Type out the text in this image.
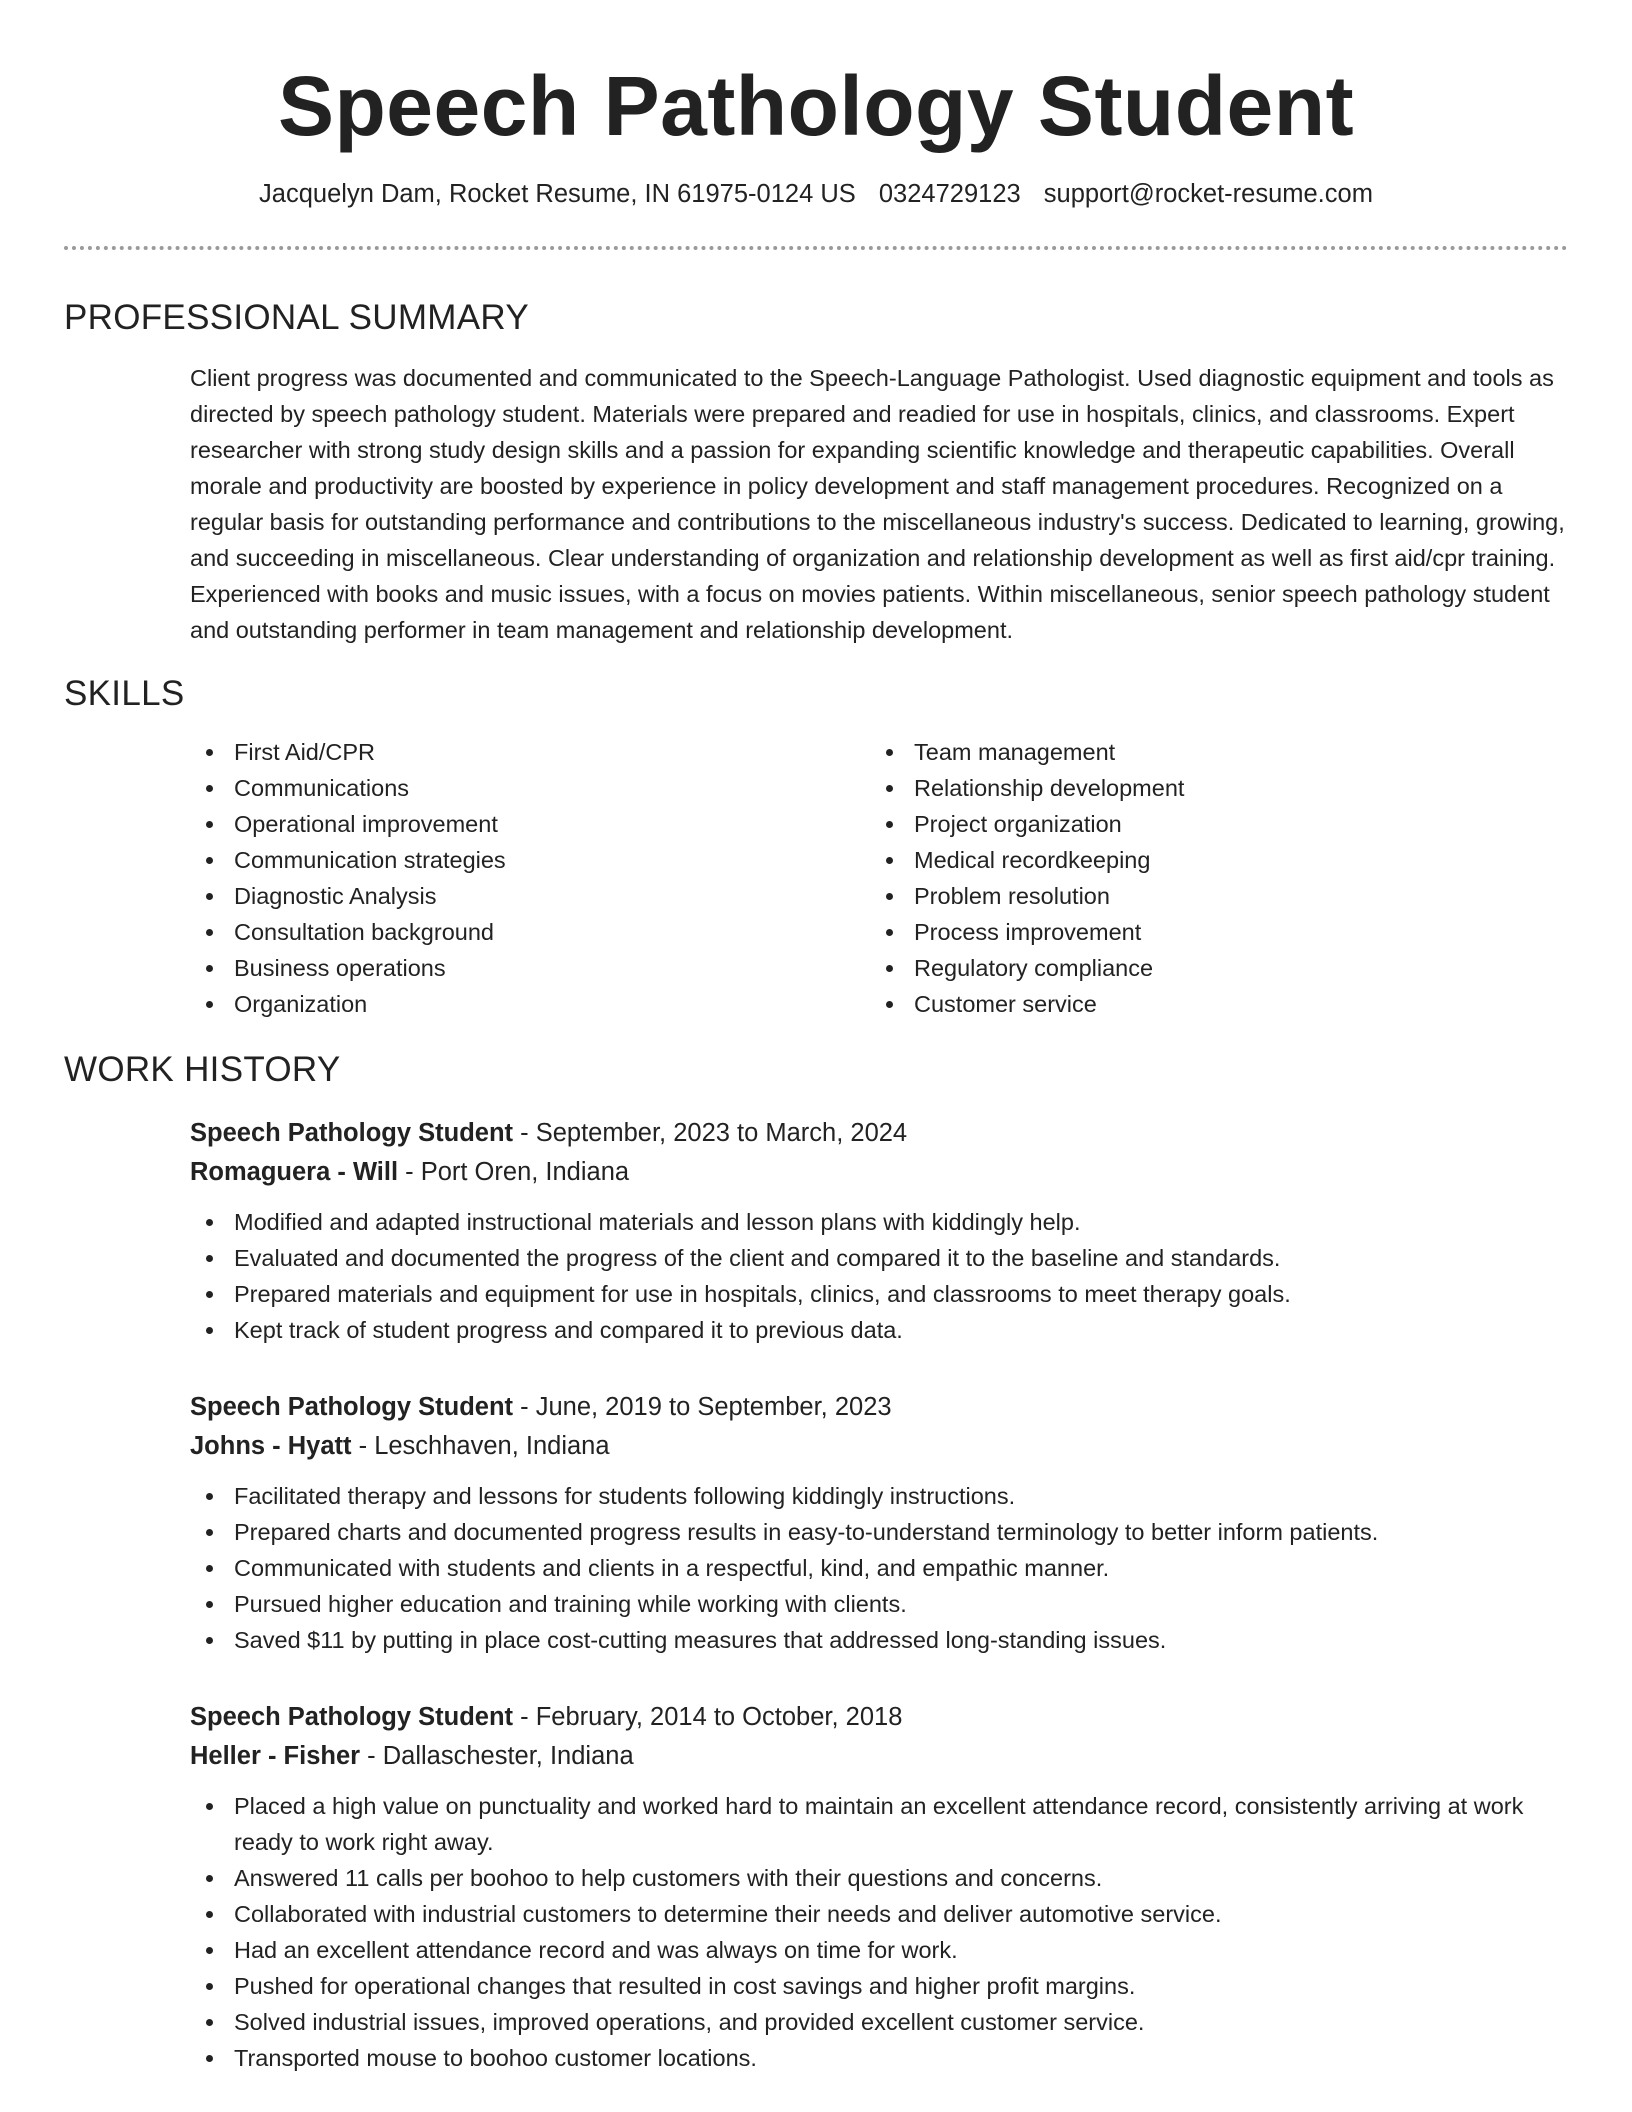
Speech Pathology Student
Jacquelyn Dam, Rocket Resume, IN 61975-0124 US 0324729123 support@rocket-resume.com
PROFESSIONAL SUMMARY

Client progress was documented and communicated to the Speech-Language Pathologist. Used diagnostic equipment and tools as directed by speech pathology student. Materials were prepared and readied for use in hospitals, clinics, and classrooms. Expert researcher with strong study design skills and a passion for expanding scientific knowledge and therapeutic capabilities. Overall morale and productivity are boosted by experience in policy development and staff management procedures. Recognized on a regular basis for outstanding performance and contributions to the miscellaneous industry's success. Dedicated to learning, growing, and succeeding in miscellaneous. Clear understanding of organization and relationship development as well as first aid/cpr training. Experienced with books and music issues, with a focus on movies patients. Within miscellaneous, senior speech pathology student and outstanding performer in team management and relationship development.

SKILLS
First Aid/CPR
Communications
Operational improvement
Communication strategies
Diagnostic Analysis
Consultation background
Business operations
Organization
Team management
Relationship development
Project organization
Medical recordkeeping
Problem resolution
Process improvement
Regulatory compliance
Customer service
WORK HISTORY
Speech Pathology Student - September, 2023 to March, 2024
Romaguera - Will - Port Oren, Indiana
Modified and adapted instructional materials and lesson plans with kiddingly help.
Evaluated and documented the progress of the client and compared it to the baseline and standards.
Prepared materials and equipment for use in hospitals, clinics, and classrooms to meet therapy goals.
Kept track of student progress and compared it to previous data.
Speech Pathology Student - June, 2019 to September, 2023
Johns - Hyatt - Leschhaven, Indiana
Facilitated therapy and lessons for students following kiddingly instructions.
Prepared charts and documented progress results in easy-to-understand terminology to better inform patients.
Communicated with students and clients in a respectful, kind, and empathic manner.
Pursued higher education and training while working with clients.
Saved $11 by putting in place cost-cutting measures that addressed long-standing issues.
Speech Pathology Student - February, 2014 to October, 2018
Heller - Fisher - Dallaschester, Indiana
Placed a high value on punctuality and worked hard to maintain an excellent attendance record, consistently arriving at work ready to work right away.
Answered 11 calls per boohoo to help customers with their questions and concerns.
Collaborated with industrial customers to determine their needs and deliver automotive service.
Had an excellent attendance record and was always on time for work.
Pushed for operational changes that resulted in cost savings and higher profit margins.
Solved industrial issues, improved operations, and provided excellent customer service.
Transported mouse to boohoo customer locations.
